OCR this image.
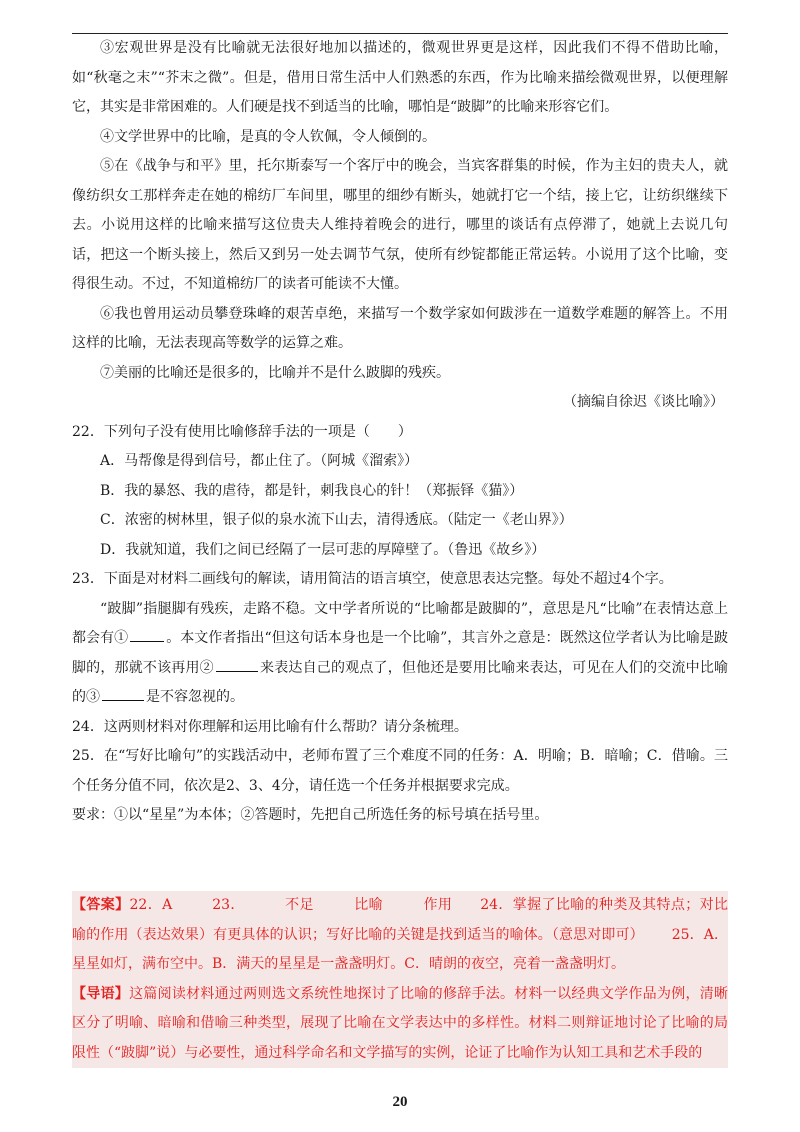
③宏观世界是没有比喻就无法很好地加以描述的，微观世界更是这样，因此我们不得不借助比喻，如“秋毫之末”“芥末之微”。但是，借用日常生活中人们熟悉的东西，作为比喻来描绘微观世界，以便理解它，其实是非常困难的。人们硬是找不到适当的比喻，哪怕是“跛脚”的比喻来形容它们。

④文学世界中的比喻，是真的令人钦佩，令人倾倒的。

⑤在《战争与和平》里，托尔斯泰写一个客厅中的晚会，当宾客群集的时候，作为主妇的贵夫人，就像纺织女工那样奔走在她的棉纺厂车间里，哪里的细纱有断头，她就打它一个结，接上它，让纺织继续下去。小说用这样的比喻来描写这位贵夫人维持着晚会的进行，哪里的谈话有点停滞了，她就上去说几句话，把这一个断头接上，然后又到另一处去调节气氛，使所有纱锭都能正常运转。小说用了这个比喻，变得很生动。不过，不知道棉纺厂的读者可能读不大懂。

⑥我也曾用运动员攀登珠峰的艰苦卓绝，来描写一个数学家如何跋涉在一道数学难题的解答上。不用这样的比喻，无法表现高等数学的运算之难。

⑦美丽的比喻还是很多的，比喻并不是什么跛脚的残疾。

（摘编自徐迟《谈比喻》）

22．下列句子没有使用比喻修辞手法的一项是（　　）

A．马帮像是得到信号，都止住了。（阿城《溜索》）

B．我的暴怒、我的虐待，都是针，刺我良心的针！（郑振铎《猫》）

C．浓密的树林里，银子似的泉水流下山去，清得透底。（陆定一《老山界》）

D．我就知道，我们之间已经隔了一层可悲的厚障壁了。（鲁迅《故乡》）

23．下面是对材料二画线句的解读，请用简洁的语言填空，使意思表达完整。每处不超过4个字。

“跛脚”指腿脚有残疾，走路不稳。文中学者所说的“比喻都是跛脚的”，意思是凡“比喻”在表情达意上都会有①	。本文作者指出“但这句话本身也是一个比喻”，其言外之意是：既然这位学者认为比喻是跛脚的，那就不该再用②	来表达自己的观点了，但他还是要用比喻来表达，可见在人们的交流中比喻的③	是不容忽视的。

24．这两则材料对你理解和运用比喻有什么帮助？请分条梳理。

25．在“写好比喻句”的实践活动中，老师布置了三个难度不同的任务：A．明喻；B．暗喻；C．借喻。三个任务分值不同，依次是2、3、4分，请任选一个任务并根据要求完成。

要求：①以“星星”为本体；②答题时，先把自己所选任务的标号填在括号里。

【答案】22．A	23．	不足	比喻	作用 24．掌握了比喻的种类及其特点；对比喻的作用（表达效果）有更具体的认识；写好比喻的关键是找到适当的喻体。（意思对即可） 25．A．星星如灯，满布空中。B．满天的星星是一盏盏明灯。C．晴朗的夜空，亮着一盏盏明灯。

【导语】这篇阅读材料通过两则选文系统性地探讨了比喻的修辞手法。材料一以经典文学作品为例，清晰区分了明喻、暗喻和借喻三种类型，展现了比喻在文学表达中的多样性。材料二则辩证地讨论了比喻的局限性（“跛脚”说）与必要性，通过科学命名和文学描写的实例，论证了比喻作为认知工具和艺术手段的

20
